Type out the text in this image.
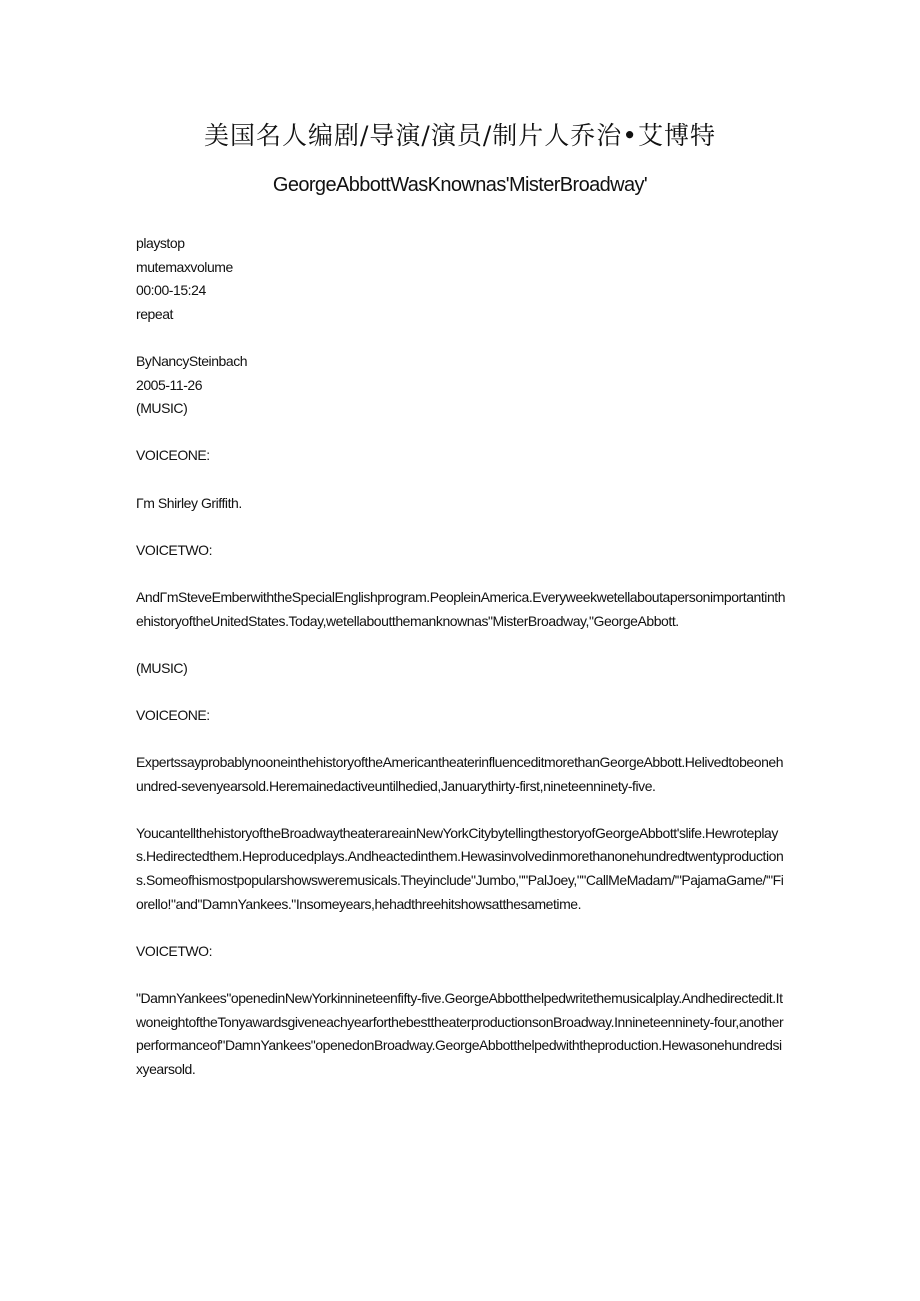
美国名人编剧/导演/演员/制片人乔治•艾博特
GeorgeAbbottWasKnownas'MisterBroadway'
playstop
mutemaxvolume
00:00-15:24
repeat
ByNancySteinbach
2005-11-26
(MUSIC)
VOICEONE:
Γm Shirley Griffith.
VOICETWO:

AndΓmSteveEmberwiththeSpecialEnglishprogram.PeopleinAmerica.EveryweekwetellaboutapersonimportantinthehistoryoftheUnitedStates.Today,wetellaboutthemanknownas"MisterBroadway,"GeorgeAbbott.

(MUSIC)
VOICEONE:

ExpertssayprobablynooneinthehistoryoftheAmericantheaterinfluenceditmorethanGeorgeAbbott.Helivedtobeonehundred-sevenyearsold.Heremainedactiveuntilhedied,Januarythirty-first,nineteenninety-five.

YoucantellthehistoryoftheBroadwaytheaterareainNewYorkCitybytellingthestoryofGeorgeAbbott'slife.Hewroteplays.Hedirectedthem.Heproducedplays.Andheactedinthem.Hewasinvolvedinmorethanonehundredtwentyproductions.Someofhismostpopularshowsweremusicals.Theyinclude"Jumbo,""PalJoey,""CallMeMadam/'"PajamaGame/'"Fiorello!"and"DamnYankees."Insomeyears,hehadthreehitshowsatthesametime.

VOICETWO:

"DamnYankees"openedinNewYorkinnineteenfifty-five.GeorgeAbbotthelpedwritethemusicalplay.Andhedirectedit.ItwoneightoftheTonyawardsgiveneachyearforthebesttheaterproductionsonBroadway.Innineteenninety-four,anotherperformanceof"DamnYankees"openedonBroadway.GeorgeAbbotthelpedwiththeproduction.Hewasonehundredsixyearsold.
